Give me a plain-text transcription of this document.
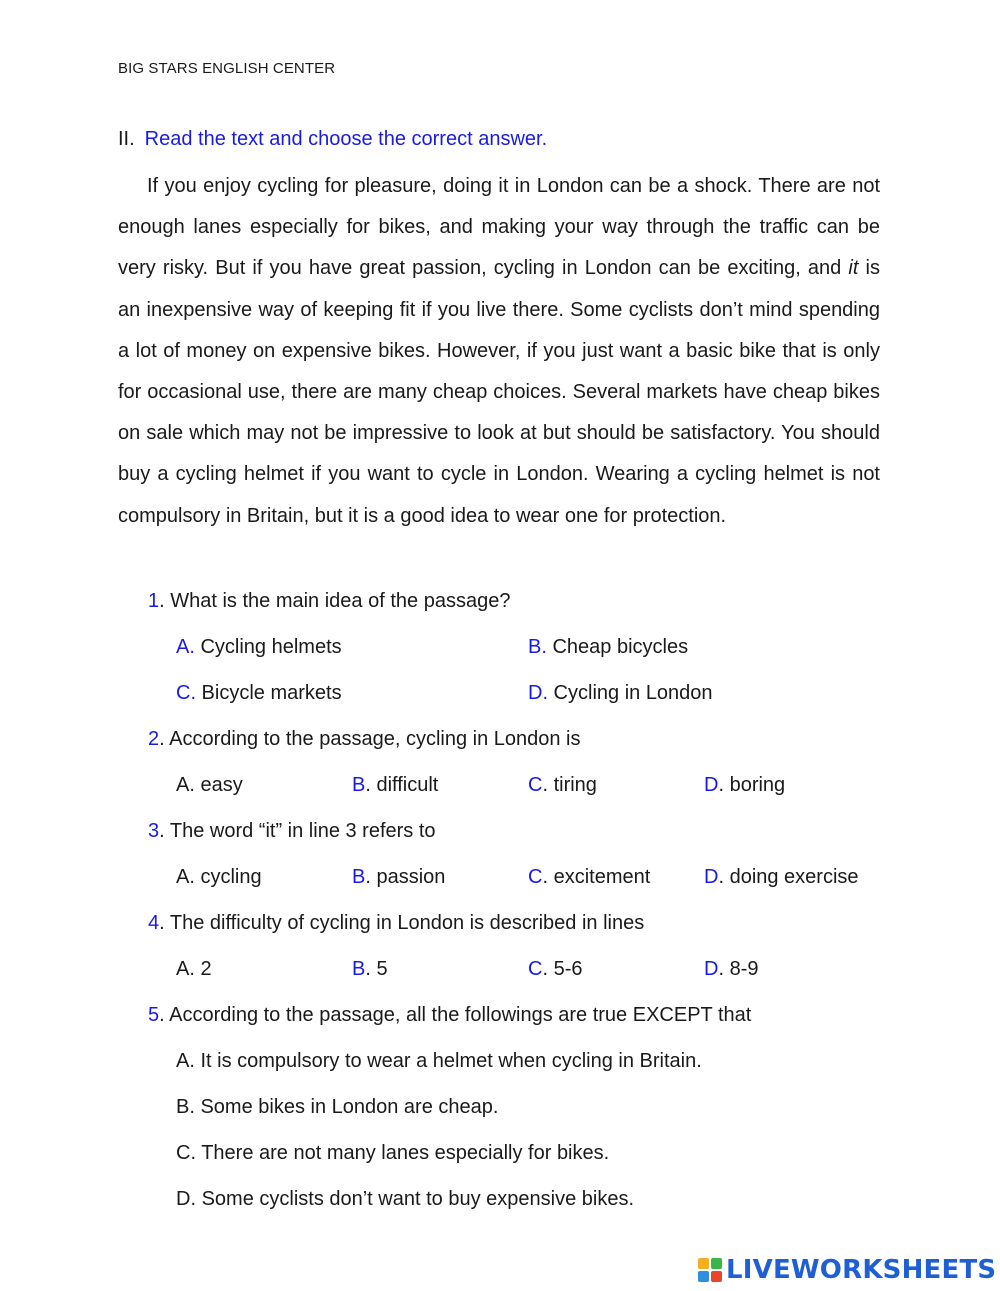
BIG STARS ENGLISH CENTER
II. Read the text and choose the correct answer.

If you enjoy cycling for pleasure, doing it in London can be a shock. There are not enough lanes especially for bikes, and making your way through the traffic can be very risky. But if you have great passion, cycling in London can be exciting, and it is an inexpensive way of keeping fit if you live there. Some cyclists don’t mind spending a lot of money on expensive bikes. However, if you just want a basic bike that is only for occasional use, there are many cheap choices. Several markets have cheap bikes on sale which may not be impressive to look at but should be satisfactory. You should buy a cycling helmet if you want to cycle in London. Wearing a cycling helmet is not compulsory in Britain, but it is a good idea to wear one for protection.

1. What is the main idea of the passage?
A. Cycling helmets	B. Cheap bicycles
C. Bicycle markets	D. Cycling in London
2. According to the passage, cycling in London is
A. easy	B. difficult	C. tiring	D. boring
3. The word “it” in line 3 refers to
A. cycling	B. passion	C. excitement	D. doing exercise
4. The difficulty of cycling in London is described in lines
A. 2	B. 5	C. 5-6	D. 8-9
5. According to the passage, all the followings are true EXCEPT that
A. It is compulsory to wear a helmet when cycling in Britain.
B. Some bikes in London are cheap.
C. There are not many lanes especially for bikes.
D. Some cyclists don’t want to buy expensive bikes.
LIVEWORKSHEETS
